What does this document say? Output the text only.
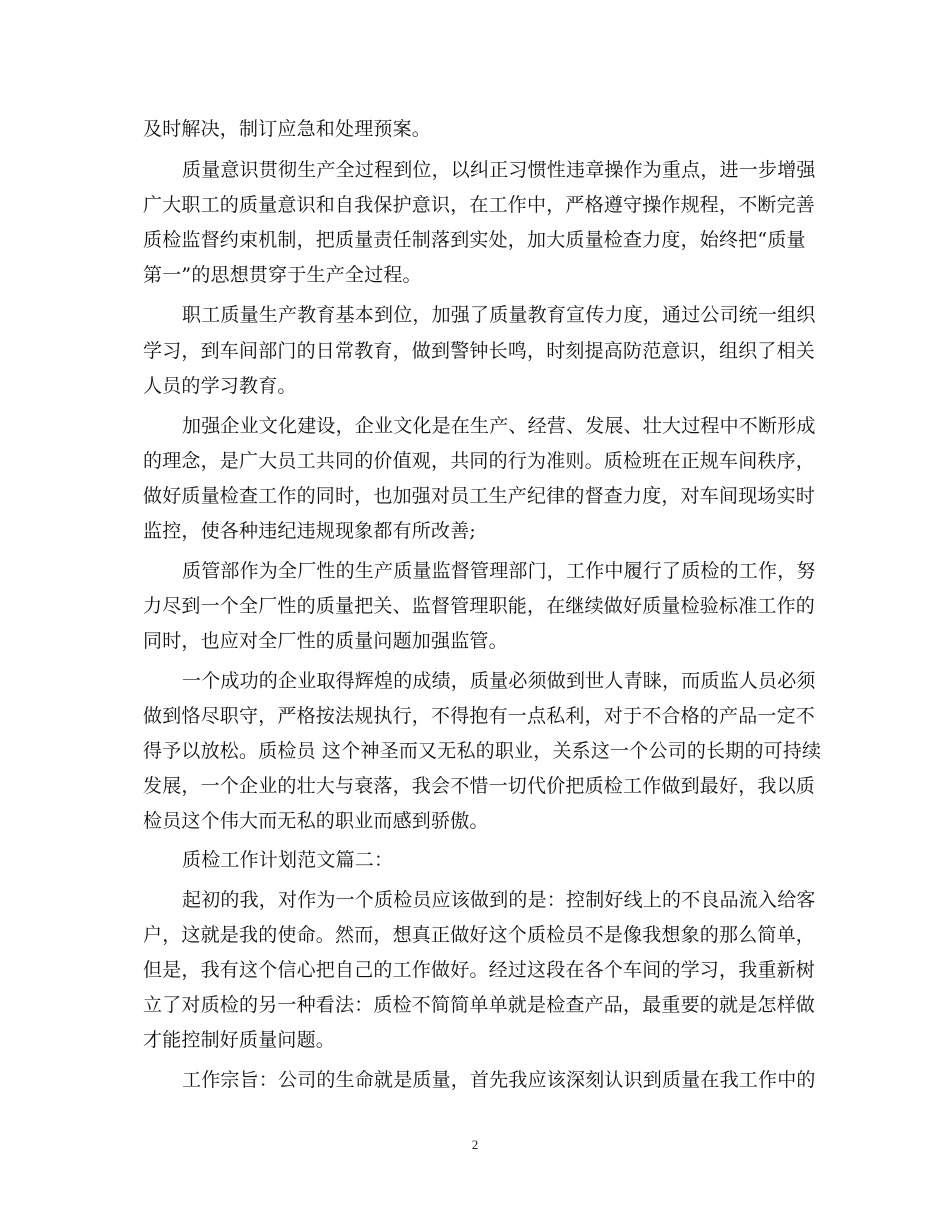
及时解决，制订应急和处理预案。
质量意识贯彻生产全过程到位，以纠正习惯性违章操作为重点，进一步增强
广大职工的质量意识和自我保护意识，在工作中，严格遵守操作规程，不断完善
质检监督约束机制，把质量责任制落到实处，加大质量检查力度，始终把“质量
第一”的思想贯穿于生产全过程。
职工质量生产教育基本到位，加强了质量教育宣传力度，通过公司统一组织
学习，到车间部门的日常教育，做到警钟长鸣，时刻提高防范意识，组织了相关
人员的学习教育。
加强企业文化建设，企业文化是在生产、经营、发展、壮大过程中不断形成
的理念，是广大员工共同的价值观，共同的行为准则。质检班在正规车间秩序，
做好质量检查工作的同时，也加强对员工生产纪律的督查力度，对车间现场实时
监控，使各种违纪违规现象都有所改善;
质管部作为全厂性的生产质量监督管理部门，工作中履行了质检的工作，努
力尽到一个全厂性的质量把关、监督管理职能，在继续做好质量检验标准工作的
同时，也应对全厂性的质量问题加强监管。
一个成功的企业取得辉煌的成绩，质量必须做到世人青睐，而质监人员必须
做到恪尽职守，严格按法规执行，不得抱有一点私利，对于不合格的产品一定不
得予以放松。质检员 这个神圣而又无私的职业，关系这一个公司的长期的可持续
发展，一个企业的壮大与衰落，我会不惜一切代价把质检工作做到最好，我以质
检员这个伟大而无私的职业而感到骄傲。
质检工作计划范文篇二：
起初的我，对作为一个质检员应该做到的是：控制好线上的不良品流入给客
户，这就是我的使命。然而，想真正做好这个质检员不是像我想象的那么简单，
但是，我有这个信心把自己的工作做好。经过这段在各个车间的学习，我重新树
立了对质检的另一种看法：质检不简简单单就是检查产品，最重要的就是怎样做
才能控制好质量问题。
工作宗旨：公司的生命就是质量，首先我应该深刻认识到质量在我工作中的
2
